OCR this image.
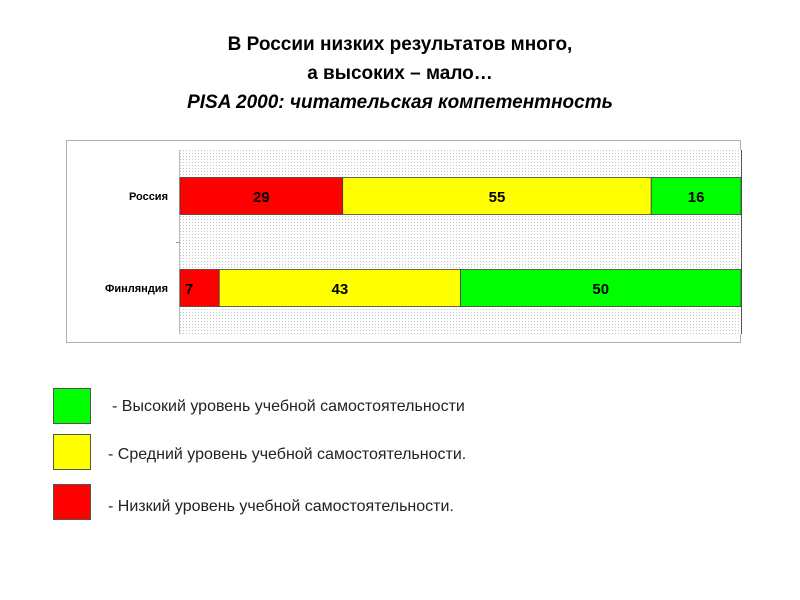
В России низких результатов много,
а высоких – мало…
PISA 2000: читательская компетентность
Россия	29	55	16
Финляндия 7	43	50
- Высокий уровень учебной самостоятельности
- Средний уровень учебной самостоятельности.
- Низкий уровень учебной самостоятельности.
